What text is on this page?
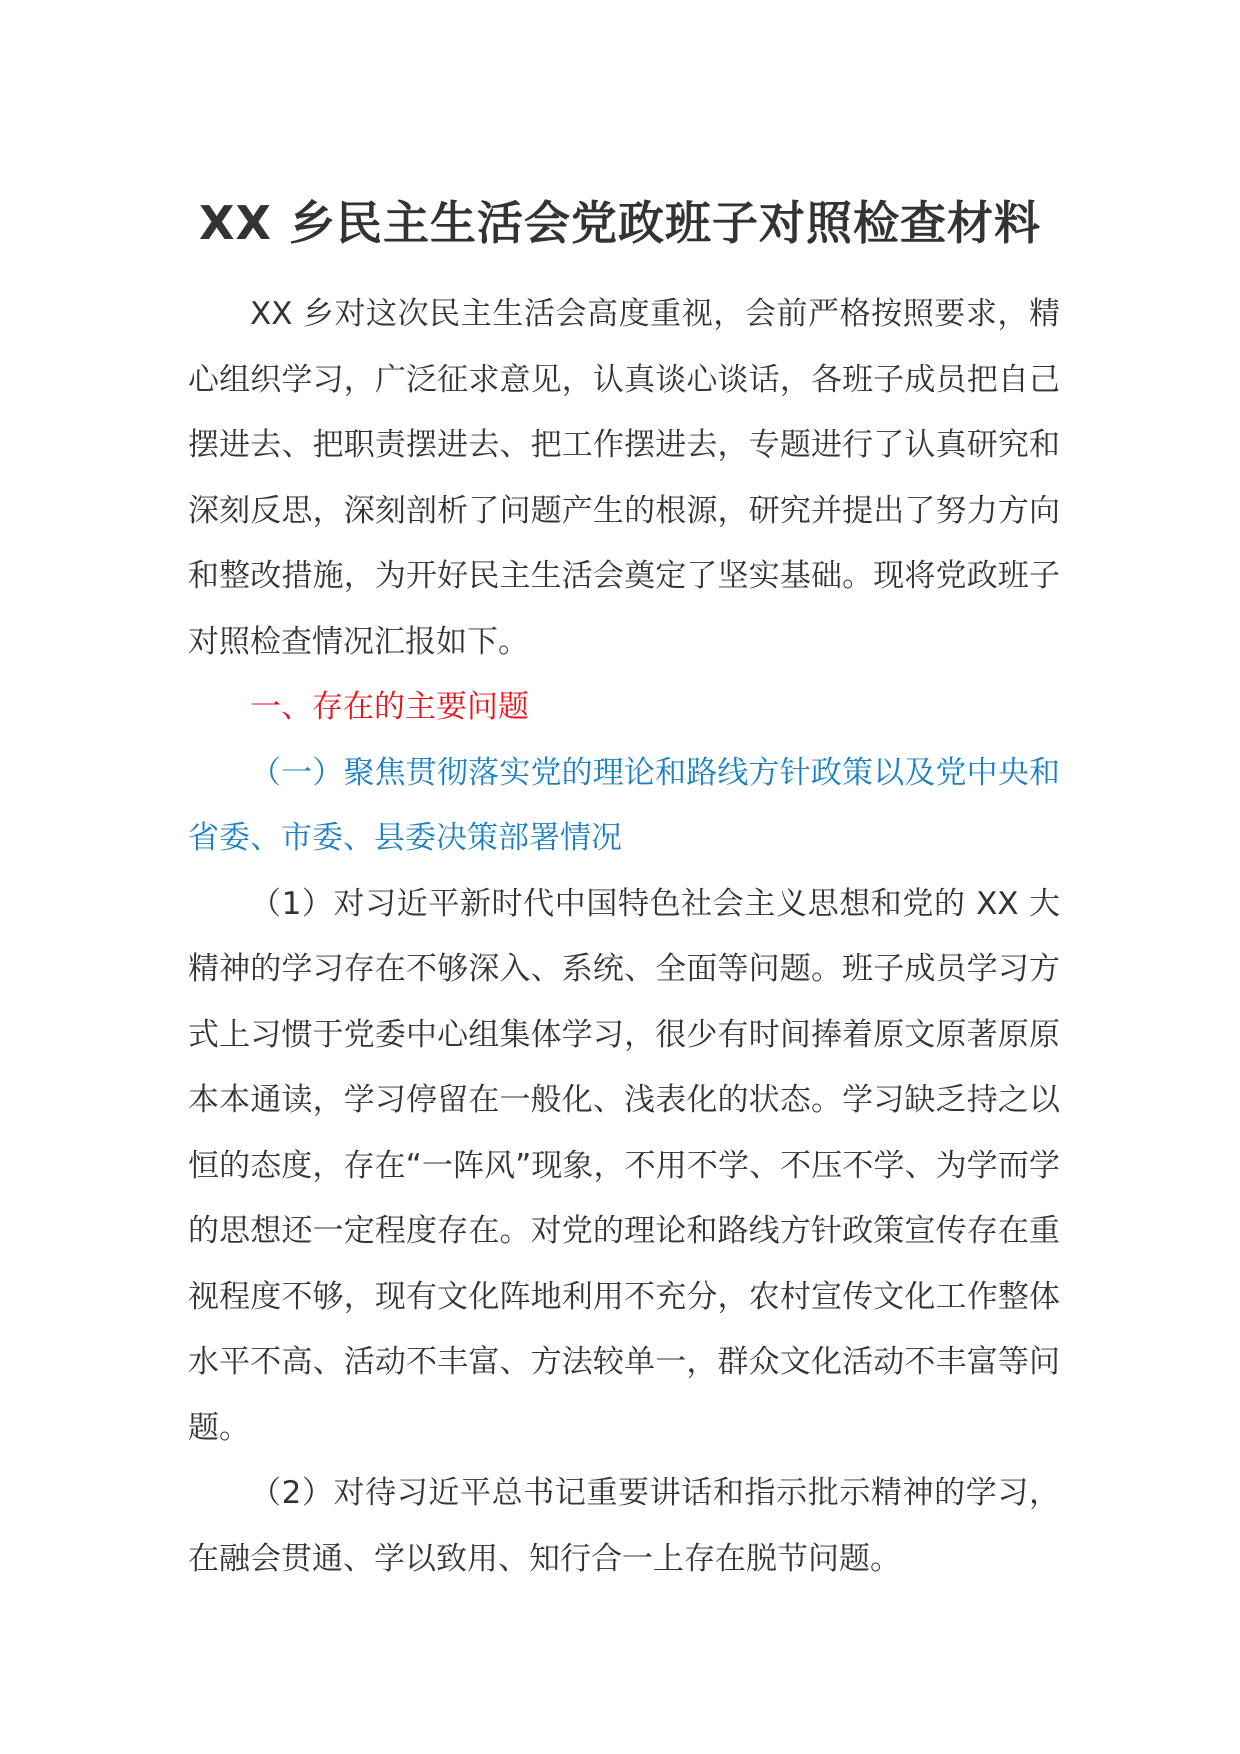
XX 乡民主生活会党政班子对照检查材料

XX 乡对这次民主生活会高度重视，会前严格按照要求，精心组织学习，广泛征求意见，认真谈心谈话，各班子成员把自己摆进去、把职责摆进去、把工作摆进去，专题进行了认真研究和深刻反思，深刻剖析了问题产生的根源，研究并提出了努力方向和整改措施，为开好民主生活会奠定了坚实基础。现将党政班子对照检查情况汇报如下。

一、存在的主要问题

（一）聚焦贯彻落实党的理论和路线方针政策以及党中央和省委、市委、县委决策部署情况

（1）对习近平新时代中国特色社会主义思想和党的 XX 大精神的学习存在不够深入、系统、全面等问题。班子成员学习方式上习惯于党委中心组集体学习，很少有时间捧着原文原著原原本本通读，学习停留在一般化、浅表化的状态。学习缺乏持之以恒的态度，存在“一阵风”现象，不用不学、不压不学、为学而学的思想还一定程度存在。对党的理论和路线方针政策宣传存在重视程度不够，现有文化阵地利用不充分，农村宣传文化工作整体水平不高、活动不丰富、方法较单一，群众文化活动不丰富等问题。

（2）对待习近平总书记重要讲话和指示批示精神的学习，在融会贯通、学以致用、知行合一上存在脱节问题。
